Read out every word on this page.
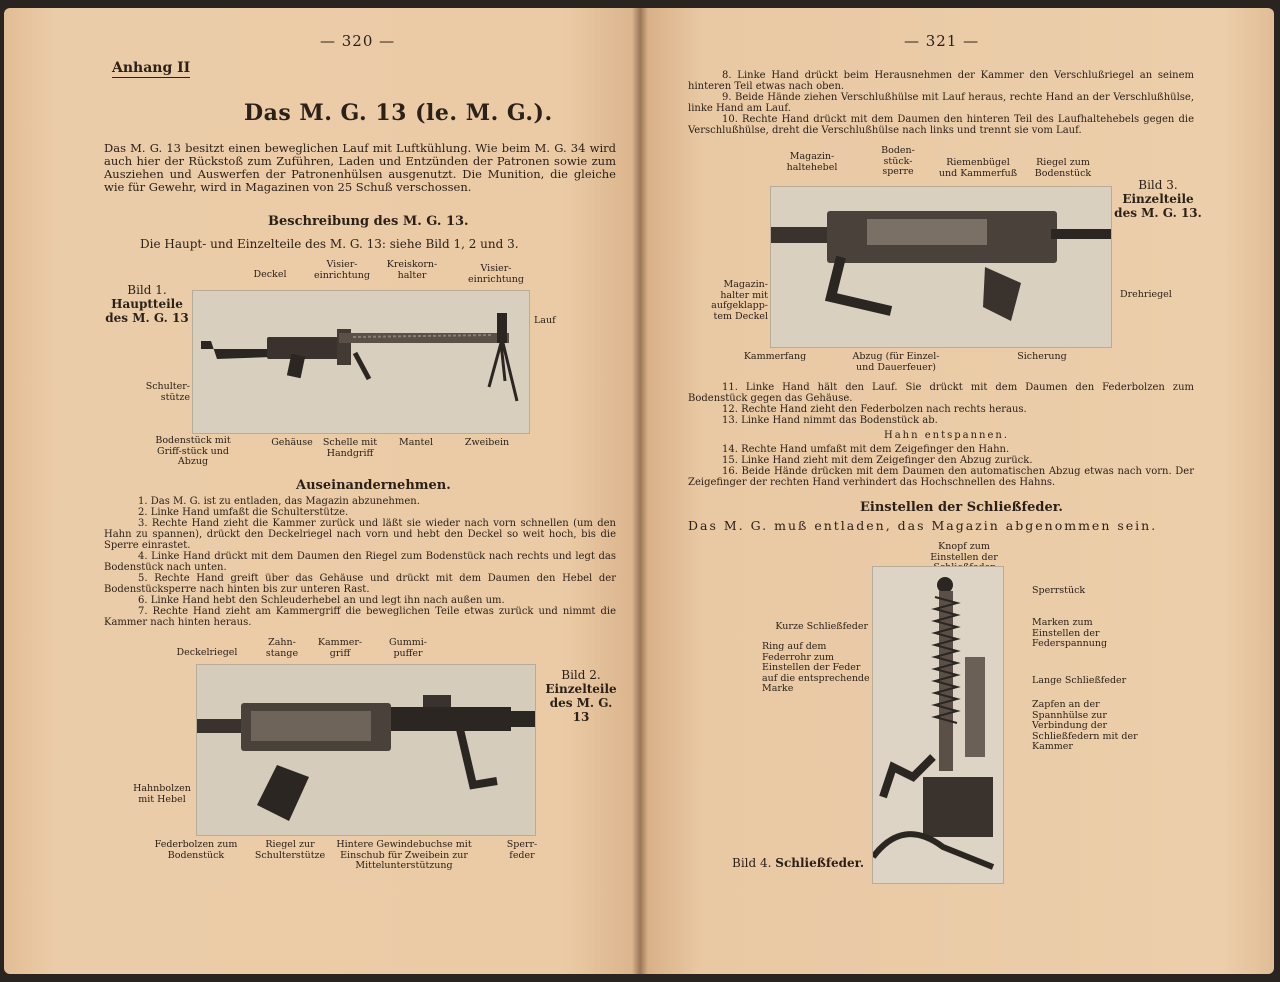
— 320 —
Anhang II
Das M. G. 13 (le. M. G.).
Das M. G. 13 besitzt einen beweglichen Lauf mit Luftkühlung. Wie beim M. G. 34 wird auch hier der Rückstoß zum Zuführen, Laden und Entzünden der Patronen sowie zum Ausziehen und Auswerfen der Patronenhülsen ausgenutzt. Die Munition, die gleiche wie für Gewehr, wird in Magazinen von 25 Schuß verschossen.
Beschreibung des M. G. 13.
Die Haupt- und Einzelteile des M. G. 13: siehe Bild 1, 2 und 3.
Bild 1.
Hauptteile des M. G. 13
Deckel
Visier-einrichtung
Kreiskorn-halter
Visier-einrichtung
Lauf
Schulter-stütze
Bodenstück mit Griff-stück und Abzug
Gehäuse	Schelle mit Handgriff
Mantel	Zweibein
Auseinandernehmen.

1. Das M. G. ist zu entladen, das Magazin abzunehmen.

2. Linke Hand umfaßt die Schulterstütze.

3. Rechte Hand zieht die Kammer zurück und läßt sie wieder nach vorn schnellen (um den Hahn zu spannen), drückt den Deckelriegel nach vorn und hebt den Deckel so weit hoch, bis die Sperre einrastet.

4. Linke Hand drückt mit dem Daumen den Riegel zum Bodenstück nach rechts und legt das Bodenstück nach unten.

5. Rechte Hand greift über das Gehäuse und drückt mit dem Daumen den Hebel der Bodenstücksperre nach hinten bis zur unteren Rast.

6. Linke Hand hebt den Schleuderhebel an und legt ihn nach außen um.

7. Rechte Hand zieht am Kammergriff die beweglichen Teile etwas zurück und nimmt die Kammer nach hinten heraus.

Deckelriegel
Zahn-stange
Kammer-griff
Gummi-puffer
Bild 2.
Einzelteile des M. G. 13
Hahnbolzen mit Hebel
Federbolzen zum Bodenstück
Riegel zur Schulterstütze
Hintere Gewindebuchse mit Einschub für Zweibein zur Mittelunterstützung
Sperr-feder
— 321 —

8. Linke Hand drückt beim Herausnehmen der Kammer den Verschlußriegel an seinem hinteren Teil etwas nach oben.

9. Beide Hände ziehen Verschlußhülse mit Lauf heraus, rechte Hand an der Verschlußhülse, linke Hand am Lauf.

10. Rechte Hand drückt mit dem Daumen den hinteren Teil des Laufhaltehebels gegen die Verschlußhülse, dreht die Verschlußhülse nach links und trennt sie vom Lauf.

Magazin-haltehebel
Boden-stück-sperre
Riemenbügel und Kammerfuß
Riegel zum Bodenstück
Bild 3.
Einzelteile des M. G. 13.
Magazin-halter mit aufgeklapp-tem Deckel
Drehriegel
Kammerfang	Abzug (für Einzel- und Dauerfeuer)
Sicherung

11. Linke Hand hält den Lauf. Sie drückt mit dem Daumen den Federbolzen zum Bodenstück gegen das Gehäuse.

12. Rechte Hand zieht den Federbolzen nach rechts heraus.

13. Linke Hand nimmt das Bodenstück ab.

Hahn entspannen.

14. Rechte Hand umfaßt mit dem Zeigefinger den Hahn.

15. Linke Hand zieht mit dem Zeigefinger den Abzug zurück.

16. Beide Hände drücken mit dem Daumen den automatischen Abzug etwas nach vorn. Der Zeigefinger der rechten Hand verhindert das Hochschnellen des Hahns.

Einstellen der Schließfeder.
Das M. G. muß entladen, das Magazin abgenommen sein.
Knopf zum Einstellen der
Sperrstück
Kurze Schließfeder	Marken zum Einstellen der Federspannung
Ring auf dem Federrohr zum Einstellen der Feder auf die entsprechende Marke
Lange Schließfeder
Zapfen an der Spannhülse zur Verbindung der Schließfedern mit der Kammer
Bild 4. Schließfeder.
